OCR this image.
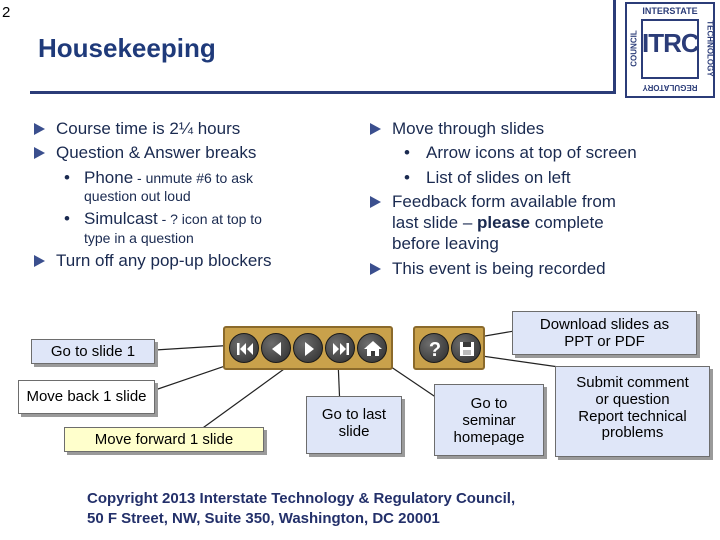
2
Housekeeping
INTERSTATE
ITRC TECHNOLOGY
COUNCIL
REGULATORY
Course time is 2¼ hours
Question & Answer breaks
• Phone - unmute #6 to ask
question out loud
• Simulcast - ? icon at top to
type in a question
Turn off any pop-up blockers
Move through slides
• Arrow icons at top of screen
• List of slides on left
Feedback form available from
last slide – please complete
before leaving
This event is being recorded
?
Go to slide 1
Move back 1 slide
Move forward 1 slide
Go to last
slide
Go to
seminar
homepage
Download slides as
PPT or PDF
Submit comment
or question
Report technical
problems
Copyright 2013 Interstate Technology & Regulatory Council,
50 F Street, NW, Suite 350, Washington, DC 20001
